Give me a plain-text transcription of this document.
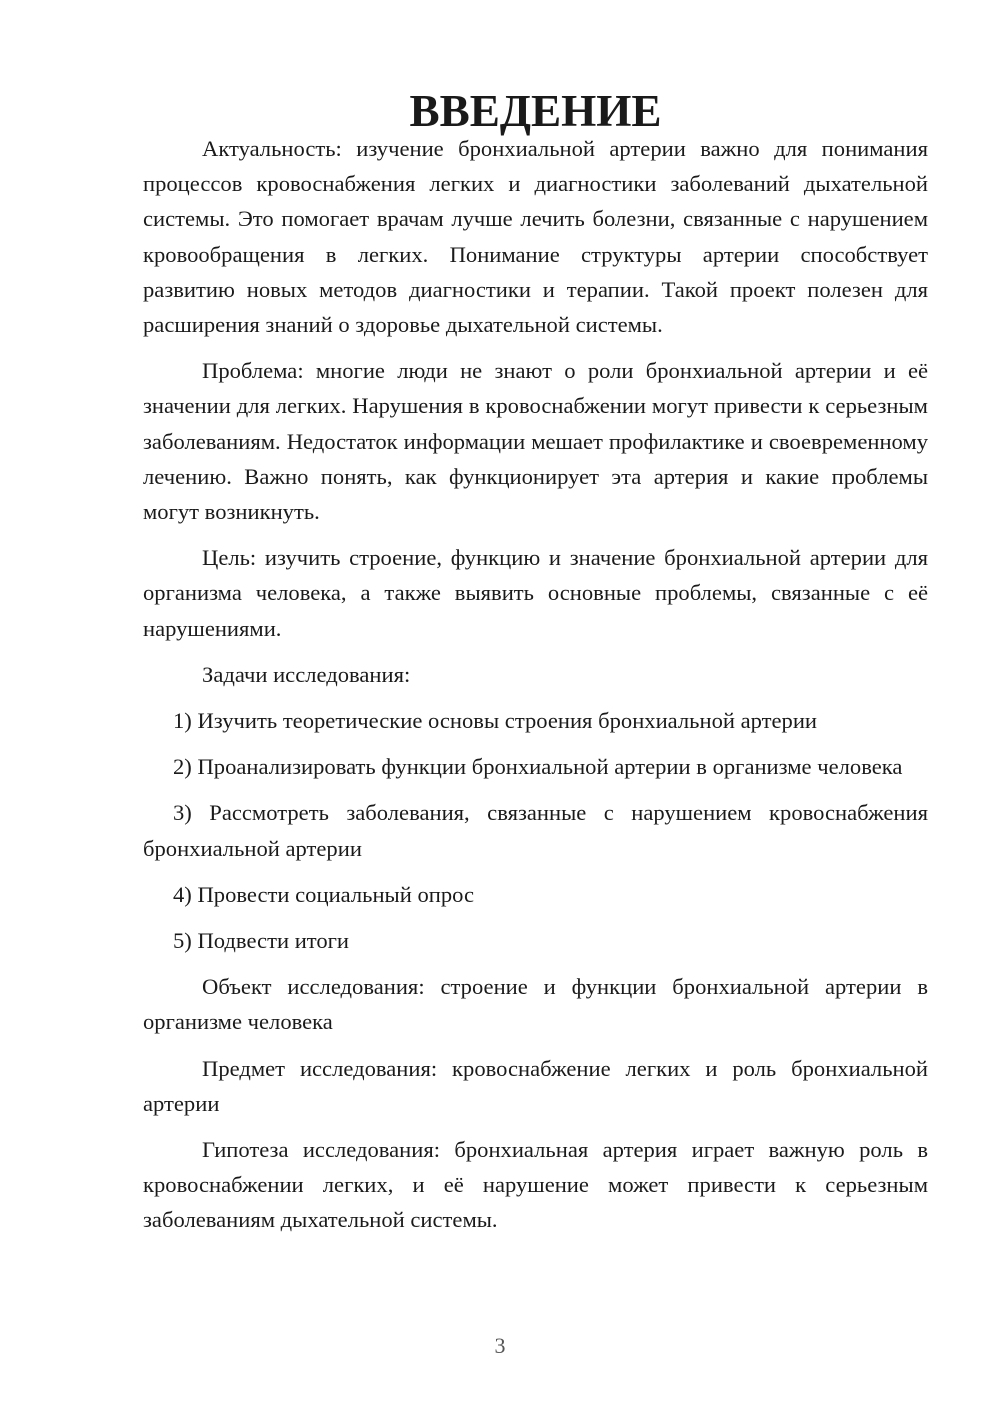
ВВЕДЕНИЕ

Актуальность: изучение бронхиальной артерии важно для понимания процессов кровоснабжения легких и диагностики заболеваний дыхательной системы. Это помогает врачам лучше лечить болезни, связанные с нарушением кровообращения в легких. Понимание структуры артерии способствует развитию новых методов диагностики и терапии. Такой проект полезен для расширения знаний о здоровье дыхательной системы.

Проблема: многие люди не знают о роли бронхиальной артерии и её значении для легких. Нарушения в кровоснабжении могут привести к серьезным заболеваниям. Недостаток информации мешает профилактике и своевременному лечению. Важно понять, как функционирует эта артерия и какие проблемы могут возникнуть.

Цель: изучить строение, функцию и значение бронхиальной артерии для организма человека, а также выявить основные проблемы, связанные с её нарушениями.

Задачи исследования:

1) Изучить теоретические основы строения бронхиальной артерии

2) Проанализировать функции бронхиальной артерии в организме человека

3) Рассмотреть заболевания, связанные с нарушением кровоснабжения бронхиальной артерии

4) Провести социальный опрос

5) Подвести итоги

Объект исследования: строение и функции бронхиальной артерии в организме человека

Предмет исследования: кровоснабжение легких и роль бронхиальной артерии

Гипотеза исследования: бронхиальная артерия играет важную роль в кровоснабжении легких, и её нарушение может привести к серьезным заболеваниям дыхательной системы.

3
